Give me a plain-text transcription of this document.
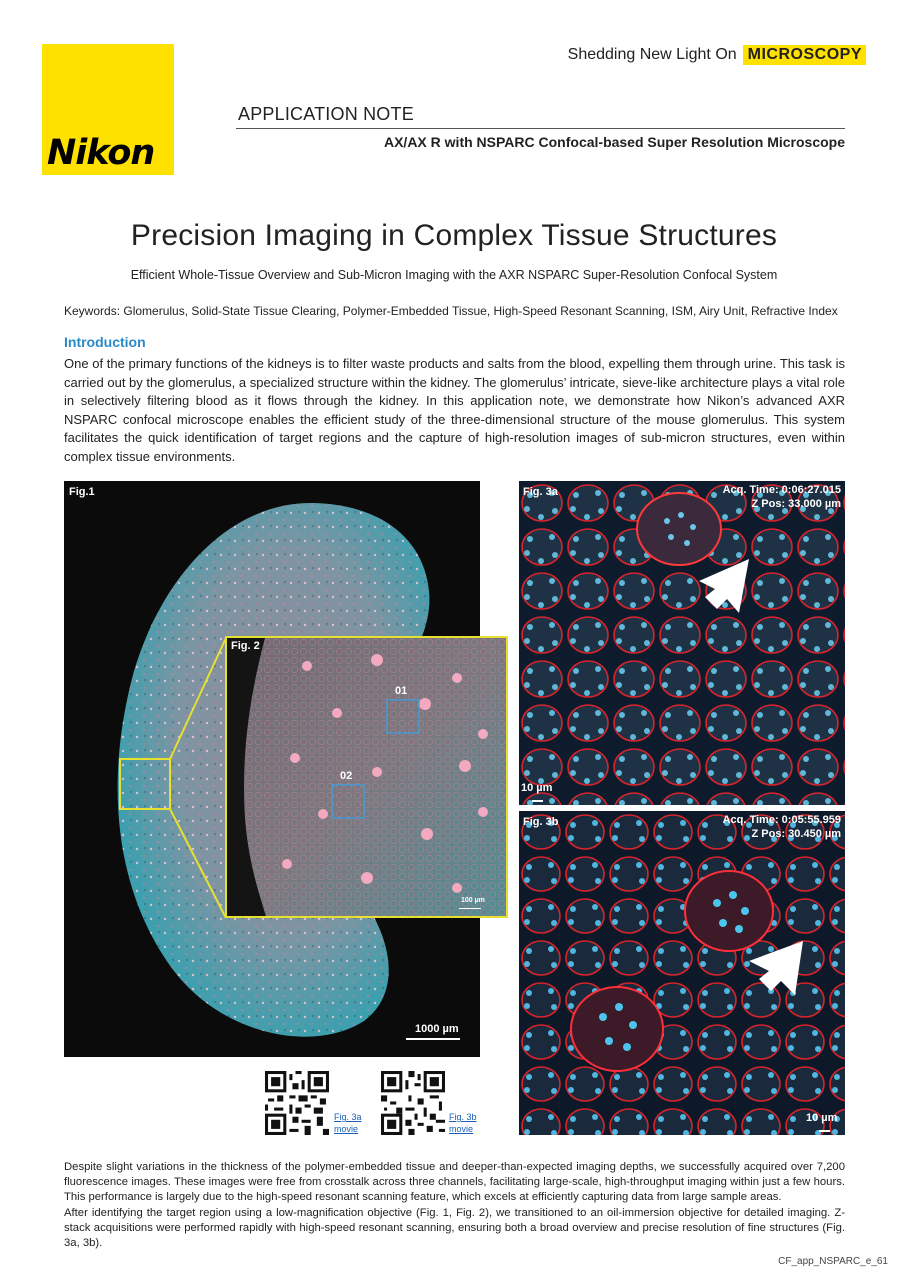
Nikon
Shedding New Light On MICROSCOPY
APPLICATION NOTE
AX/AX R with NSPARC Confocal-based Super Resolution Microscope
Precision Imaging in Complex Tissue Structures
Efficient Whole-Tissue Overview and Sub-Micron Imaging with the AXR NSPARC Super-Resolution Confocal System
Keywords: Glomerulus, Solid-State Tissue Clearing, Polymer-Embedded Tissue, High-Speed Resonant Scanning, ISM, Airy Unit, Refractive Index
Introduction
One of the primary functions of the kidneys is to filter waste products and salts from the blood, expelling them through urine. This task is carried out by the glomerulus, a specialized structure within the kidney. The glomerulus’ intricate, sieve-like architecture plays a vital role in selectively filtering blood as it flows through the kidney. In this application note, we demonstrate how Nikon’s advanced AXR NSPARC confocal microscope enables the efficient study of the three-dimensional structure of the mouse glomerulus. This system facilitates the quick identification of target regions and the capture of high-resolution images of sub-micron structures, even within complex tissue environments.
Fig.1
1000 µm
Fig. 2
01
02
100 µm
Fig. 3a	Acq. Time: 0:06:27.015
Z Pos: 33.000 µm
10 µm
Fig. 3b	Acq. Time: 0:05:55.959
Z Pos: 30.450 µm
10 µm
Fig. 3a
movie
Fig. 3b
movie
Despite slight variations in the thickness of the polymer-embedded tissue and deeper-than-expected imaging depths, we successfully acquired over 7,200 fluorescence images. These images were free from crosstalk across three channels, facilitating large-scale, high-throughput imaging within just a few hours. This performance is largely due to the high-speed resonant scanning feature, which excels at efficiently capturing data from large sample areas.
After identifying the target region using a low-magnification objective (Fig. 1, Fig. 2), we transitioned to an oil-immersion objective for detailed imaging. Z-stack acquisitions were performed rapidly with high-speed resonant scanning, ensuring both a broad overview and precise resolution of fine structures (Fig. 3a, 3b).
CF_app_NSPARC_e_61
